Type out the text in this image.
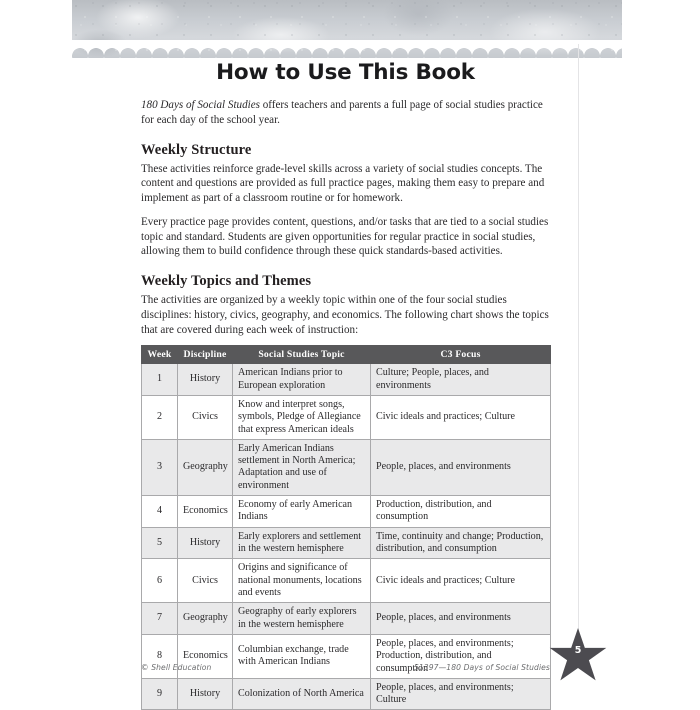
How to Use This Book

180 Days of Social Studies offers teachers and parents a full page of social studies practice for each day of the school year.

Weekly Structure

These activities reinforce grade-level skills across a variety of social studies concepts. The content and questions are provided as full practice pages, making them easy to prepare and implement as part of a classroom routine or for homework.

Every practice page provides content, questions, and/or tasks that are tied to a social studies topic and standard. Students are given opportunities for regular practice in social studies, allowing them to build confidence through these quick standards-based activities.

Weekly Topics and Themes

The activities are organized by a weekly topic within one of the four social studies disciplines: history, civics, geography, and economics. The following chart shows the topics that are covered during each week of instruction:

Week	Discipline	Social Studies Topic	C3 Focus
1	History	American Indians prior to European exploration	Culture; People, places, and environments
2	Civics	Know and interpret songs, symbols, Pledge of Allegiance that express American ideals	Civic ideals and practices; Culture
3	Geography	Early American Indians settlement in North America; Adaptation and use of environment	People, places, and environments
4	Economics	Economy of early American Indians	Production, distribution, and consumption
5	History	Early explorers and settlement in the western hemisphere	Time, continuity and change; Production, distribution, and consumption
6	Civics	Origins and significance of national monuments, locations and events	Civic ideals and practices; Culture
7	Geography	Geography of early explorers in the western hemisphere	People, places, and environments
8	Economics	Columbian exchange, trade with American Indians	People, places, and environments; Production, distribution, and consumption
9	History	Colonization of North America	People, places, and environments; Culture
© Shell Education	51397—180 Days of Social Studies
5
